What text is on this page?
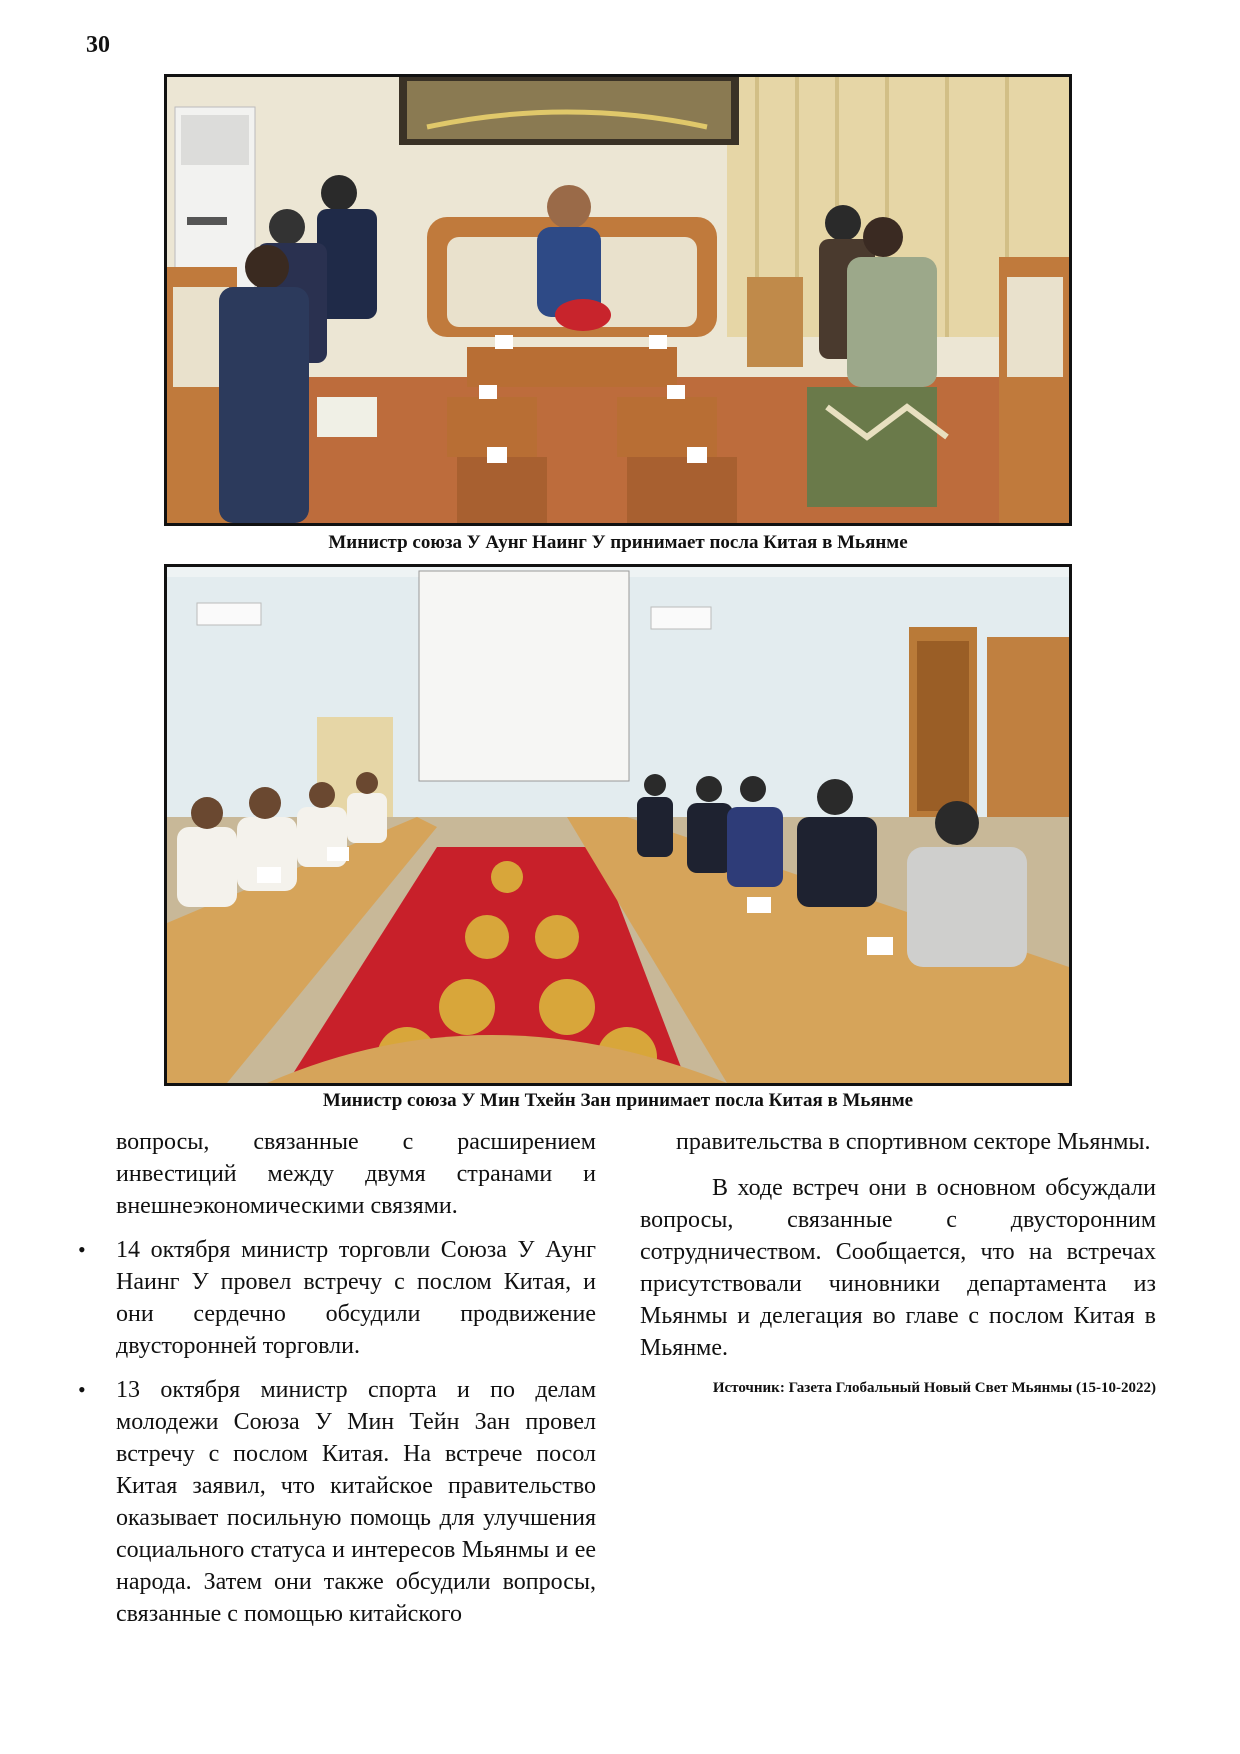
30
Министр союза У Аунг Наинг У принимает посла Китая в Мьянме
Министр союза У Мин Тхейн Зан принимает посла Китая в Мьянме

вопросы, связанные с расширением инвестиций между двумя странами и внешнеэкономическими связями.

• 14 октября министр торговли Союза У Аунг Наинг У провел встречу с послом Китая, и они сердечно обсудили продвижение двусторонней торговли.

• 13 октября министр спорта и по делам молодежи Союза У Мин Тейн Зан провел встречу с послом Китая. На встрече посол Китая заявил, что китайское правительство оказывает посильную помощь для улучшения социального статуса и интересов Мьянмы и ее народа. Затем они также обсудили вопросы, связанные с помощью китайского

правительства в спортивном секторе Мьянмы.

В ходе встреч они в основном обсуждали вопросы, связанные с двусторонним сотрудничеством. Сообщается, что на встречах присутствовали чиновники департамента из Мьянмы и делегация во главе с послом Китая в Мьянме.

Источник: Газета Глобальный Новый Свет Мьянмы (15-10-2022)
